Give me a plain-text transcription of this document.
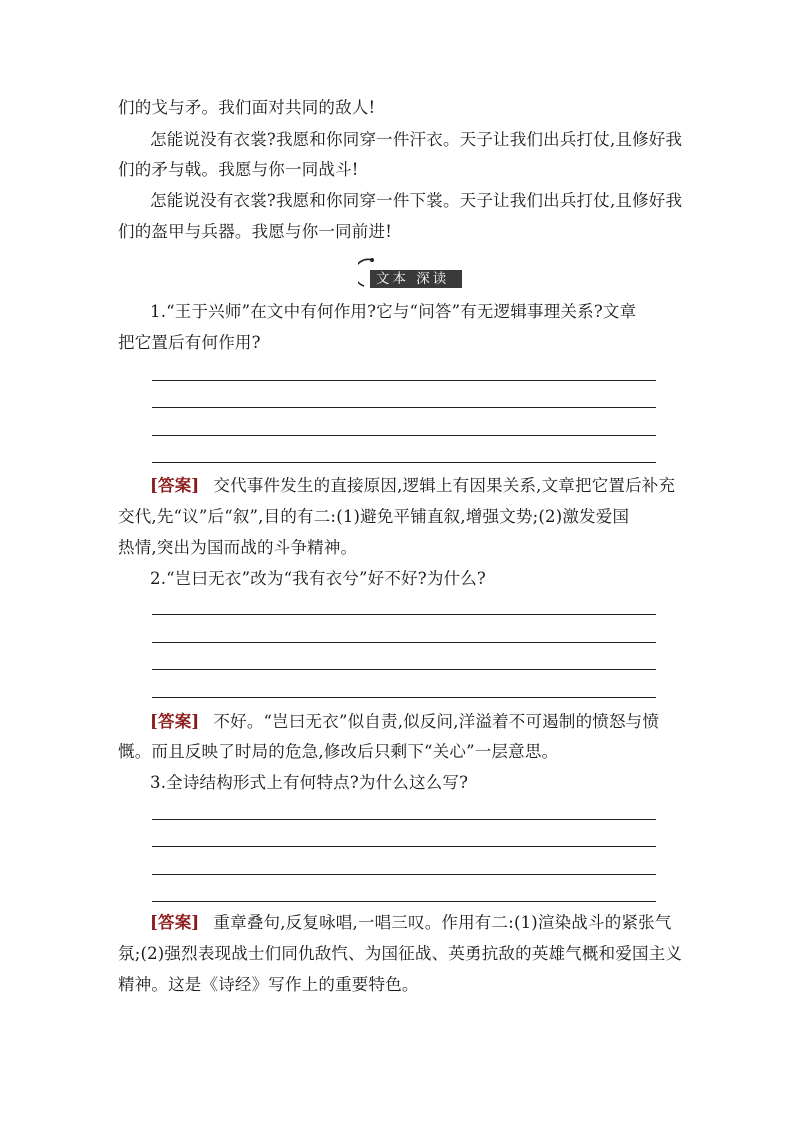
们的戈与矛。我们面对共同的敌人!
怎能说没有衣裳?我愿和你同穿一件汗衣。天子让我们出兵打仗,且修好我
们的矛与戟。我愿与你一同战斗!
怎能说没有衣裳?我愿和你同穿一件下裳。天子让我们出兵打仗,且修好我
们的盔甲与兵器。我愿与你一同前进!
文本 深读
1.“王于兴师”在文中有何作用?它与“问答”有无逻辑事理关系?文章
把它置后有何作用?
[答案] 交代事件发生的直接原因,逻辑上有因果关系,文章把它置后补充
交代,先“议”后“叙”,目的有二:(1)避免平铺直叙,增强文势;(2)激发爱国
热情,突出为国而战的斗争精神。
2.“岂曰无衣”改为“我有衣兮”好不好?为什么?
[答案] 不好。“岂曰无衣”似自责,似反问,洋溢着不可遏制的愤怒与愤
慨。而且反映了时局的危急,修改后只剩下“关心”一层意思。
3.全诗结构形式上有何特点?为什么这么写?
[答案] 重章叠句,反复咏唱,一唱三叹。作用有二:(1)渲染战斗的紧张气
氛;(2)强烈表现战士们同仇敌忾、为国征战、英勇抗敌的英雄气概和爱国主义
精神。这是《诗经》写作上的重要特色。
